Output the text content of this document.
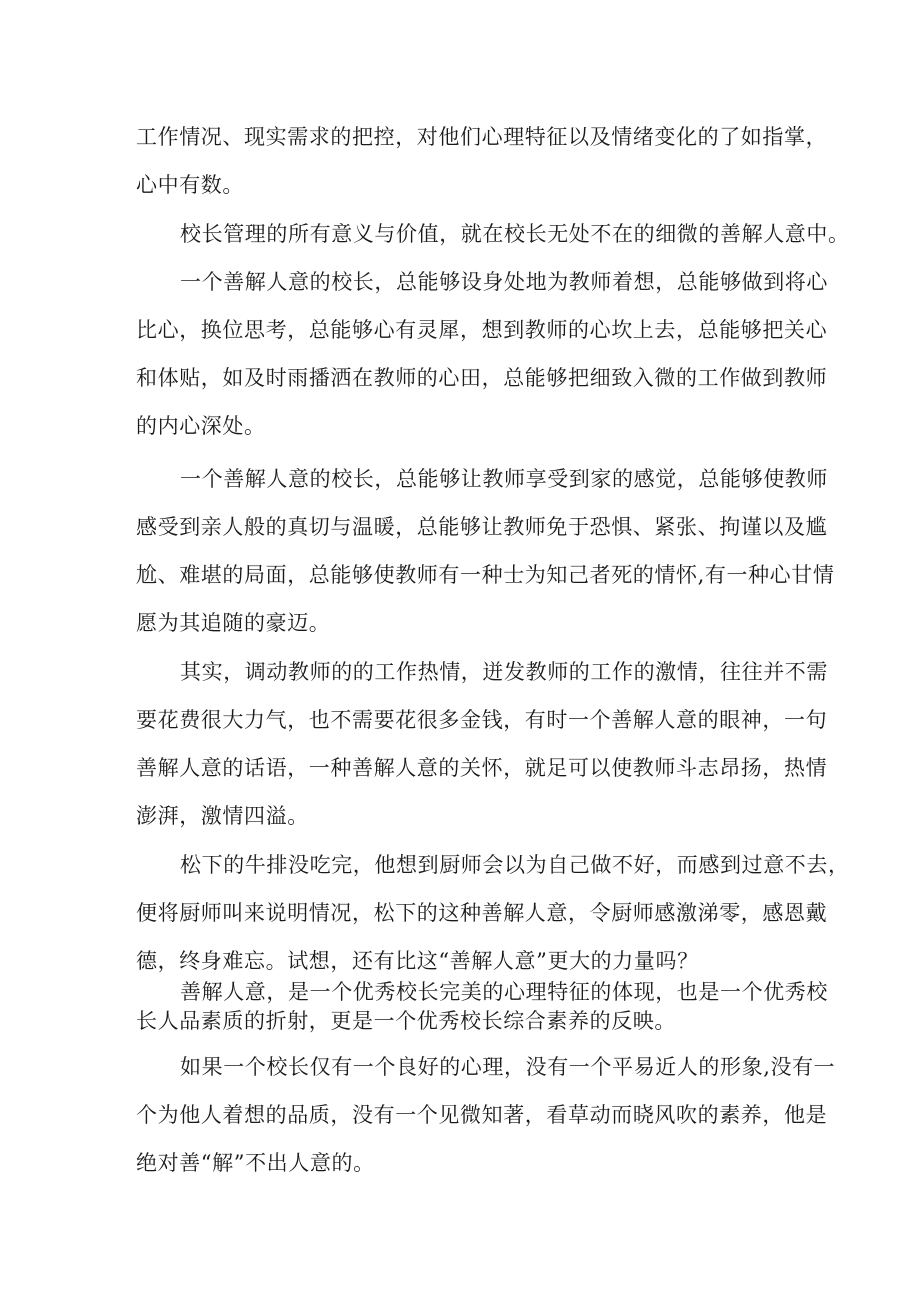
工作情况、现实需求的把控，对他们心理特征以及情绪变化的了如指掌，
心中有数。
校长管理的所有意义与价值，就在校长无处不在的细微的善解人意中。
一个善解人意的校长，总能够设身处地为教师着想，总能够做到将心
比心，换位思考，总能够心有灵犀，想到教师的心坎上去，总能够把关心
和体贴，如及时雨播洒在教师的心田，总能够把细致入微的工作做到教师
的内心深处。
一个善解人意的校长，总能够让教师享受到家的感觉，总能够使教师
感受到亲人般的真切与温暖，总能够让教师免于恐惧、紧张、拘谨以及尴
尬、难堪的局面，总能够使教师有一种士为知己者死的情怀,有一种心甘情
愿为其追随的豪迈。
其实，调动教师的的工作热情，迸发教师的工作的激情，往往并不需
要花费很大力气，也不需要花很多金钱，有时一个善解人意的眼神，一句
善解人意的话语，一种善解人意的关怀，就足可以使教师斗志昂扬，热情
澎湃，激情四溢。
松下的牛排没吃完，他想到厨师会以为自己做不好，而感到过意不去，
便将厨师叫来说明情况，松下的这种善解人意，令厨师感激涕零，感恩戴
德，终身难忘。试想，还有比这“善解人意”更大的力量吗？
善解人意，是一个优秀校长完美的心理特征的体现，也是一个优秀校
长人品素质的折射，更是一个优秀校长综合素养的反映。
如果一个校长仅有一个良好的心理，没有一个平易近人的形象,没有一
个为他人着想的品质，没有一个见微知著，看草动而晓风吹的素养，他是
绝对善“解”不出人意的。
